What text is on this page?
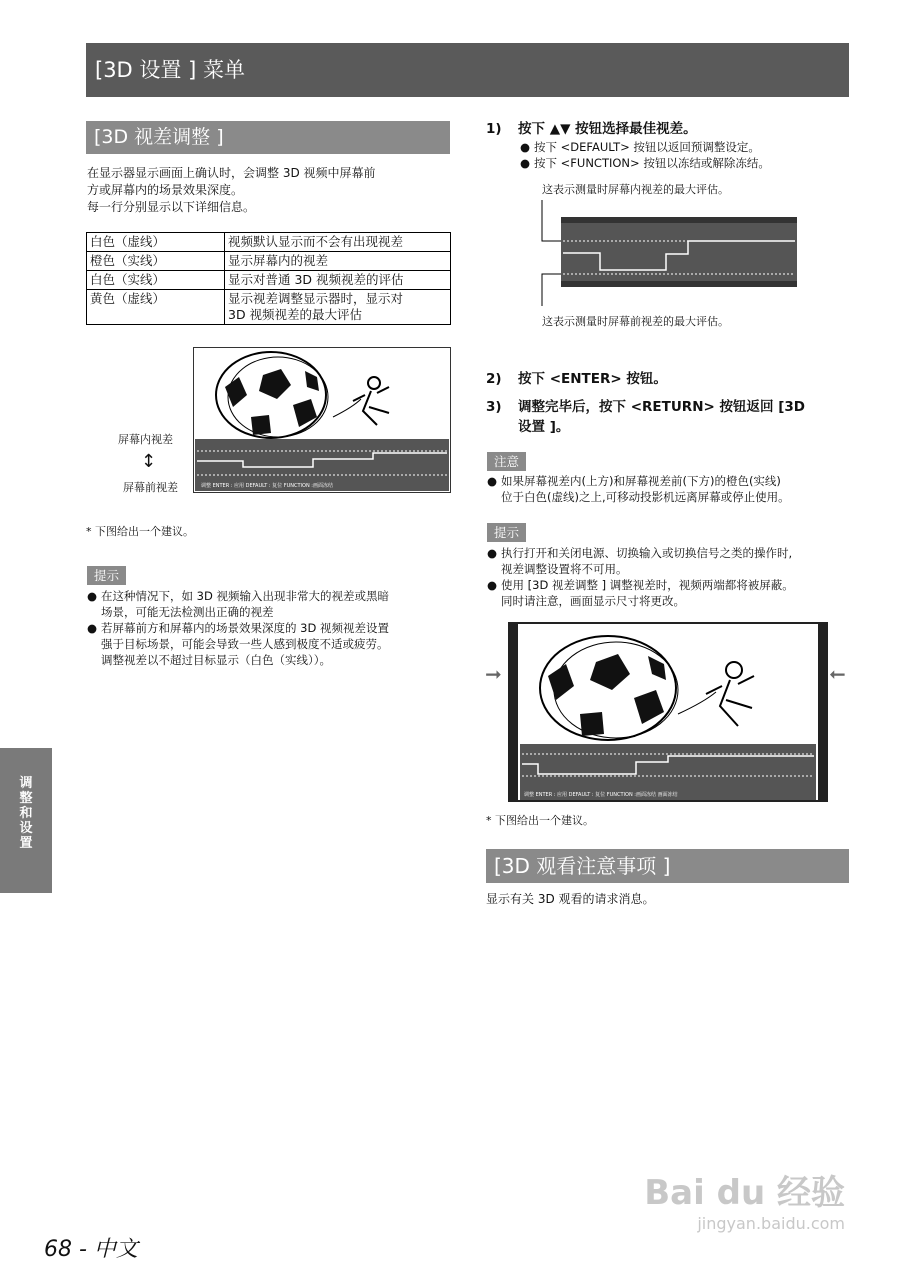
[3D 设置 ] 菜单
[3D 视差调整 ]
在显示器显示画面上确认时，会调整 3D 视频中屏幕前
方或屏幕内的场景效果深度。
每一行分别显示以下详细信息。
白色（虚线）	视频默认显示而不会有出现视差
橙色（实线）	显示屏幕内的视差
白色（实线）	显示对普通 3D 视频视差的评估
黄色（虚线）	显示视差调整显示器时，显示对
3D 视频视差的最大评估
屏幕内视差
↕
屏幕前视差	调整 ENTER : 应用 DEFAULT : 复位 FUNCTION :画面冻结
* 下图给出一个建议。
提示

● 在这种情况下，如 3D 视频输入出现非常大的视差或黑暗
场景，可能无法检测出正确的视差

● 若屏幕前方和屏幕内的场景效果深度的 3D 视频视差设置
强于目标场景，可能会导致一些人感到极度不适或疲劳。
调整视差以不超过目标显示（白色（实线））。

1) 按下 ▲▼ 按钮选择最佳视差。

● 按下 <DEFAULT> 按钮以返回预调整设定。

● 按下 <FUNCTION> 按钮以冻结或解除冻结。

这表示测量时屏幕内视差的最大评估。
这表示测量时屏幕前视差的最大评估。
2) 按下 <ENTER> 按钮。
3) 调整完毕后，按下 <RETURN> 按钮返回 [3D
设置 ]。
注意

● 如果屏幕视差内(上方)和屏幕视差前(下方)的橙色(实线)
位于白色(虚线)之上,可移动投影机远离屏幕或停止使用。

提示

● 执行打开和关闭电源、切换输入或切换信号之类的操作时,
视差调整设置将不可用。

● 使用 [3D 视差调整 ] 调整视差时，视频两端都将被屏蔽。
同时请注意，画面显示尺寸将更改。

➞	➞
调整 ENTER : 应用 DEFAULT : 复位 FUNCTION :画面冻结 画面冻结
* 下图给出一个建议。
[3D 观看注意事项 ]
显示有关 3D 观看的请求消息。
调整和设置
68 - 中文
Bai du 经验
jingyan.baidu.com
